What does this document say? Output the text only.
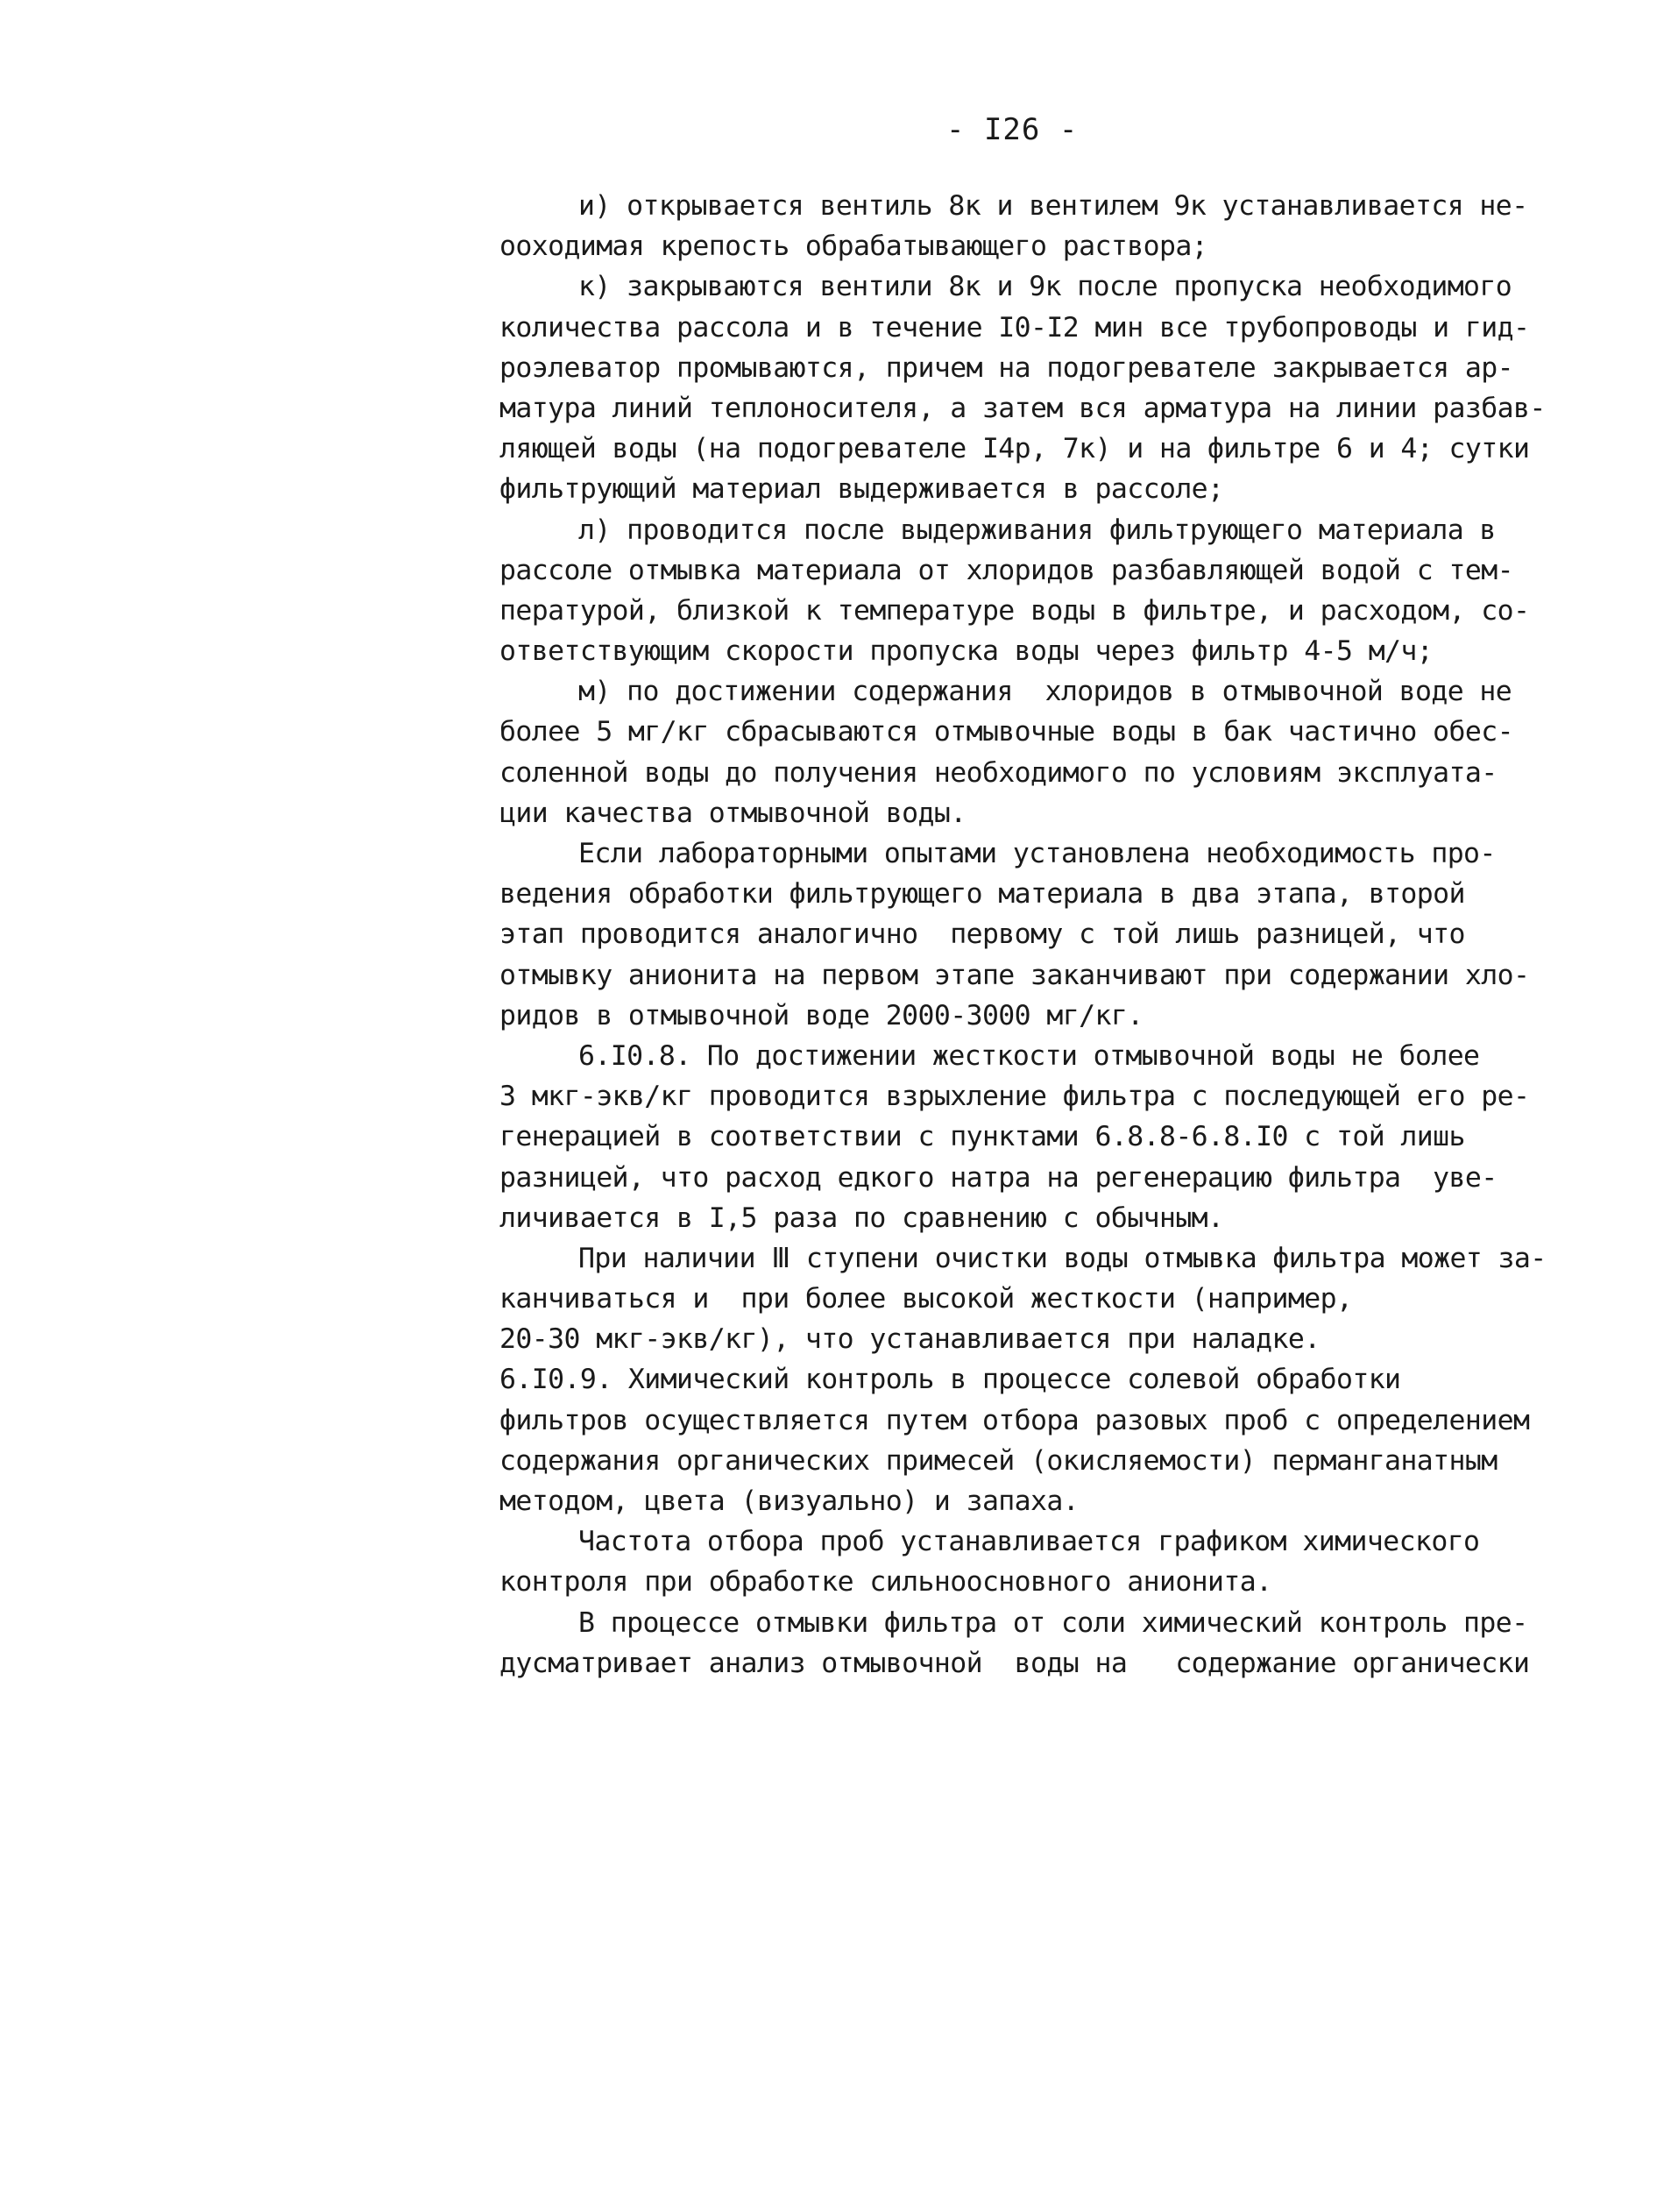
- I26 -
и) открывается вентиль 8к и вентилем 9к устанавливается не-
ооходимая крепость обрабатывающего раствора;
к) закрываются вентили 8к и 9к после пропуска необходимого
количества рассола и в течение I0-I2 мин все трубопроводы и гид-
роэлеватор промываются, причем на подогревателе закрывается ар-
матура линий теплоносителя, а затем вся арматура на линии разбав-
ляющей воды (на подогревателе I4р, 7к) и на фильтре 6 и 4; сутки
фильтрующий материал выдерживается в рассоле;
л) проводится после выдерживания фильтрующего материала в
рассоле отмывка материала от хлоридов разбавляющей водой с тем-
пературой, близкой к температуре воды в фильтре, и расходом, со-
ответствующим скорости пропуска воды через фильтр 4-5 м/ч;
м) по достижении содержания  хлоридов в отмывочной воде не
более 5 мг/кг сбрасываются отмывочные воды в бак частично обес-
соленной воды до получения необходимого по условиям эксплуата-
ции качества отмывочной воды.
Если лабораторными опытами установлена необходимость про-
ведения обработки фильтрующего материала в два этапа, второй
этап проводится аналогично  первому с той лишь разницей, что
отмывку анионита на первом этапе заканчивают при содержании хло-
ридов в отмывочной воде 2000-3000 мг/кг.
6.I0.8. По достижении жесткости отмывочной воды не более
3 мкг-экв/кг проводится взрыхление фильтра с последующей его ре-
генерацией в соответствии с пунктами 6.8.8-6.8.I0 с той лишь
разницей, что расход едкого натра на регенерацию фильтра  уве-
личивается в I,5 раза по сравнению с обычным.
При наличии Ⅲ ступени очистки воды отмывка фильтра может за-
канчиваться и  при более высокой жесткости (например,
20-30 мкг-экв/кг), что устанавливается при наладке.
6.I0.9. Химический контроль в процессе солевой обработки
фильтров осуществляется путем отбора разовых проб с определением
содержания органических примесей (окисляемости) перманганатным
методом, цвета (визуально) и запаха.
Частота отбора проб устанавливается графиком химического
контроля при обработке сильноосновного анионита.
В процессе отмывки фильтра от соли химический контроль пре-
дусматривает анализ отмывочной  воды на   содержание органически
